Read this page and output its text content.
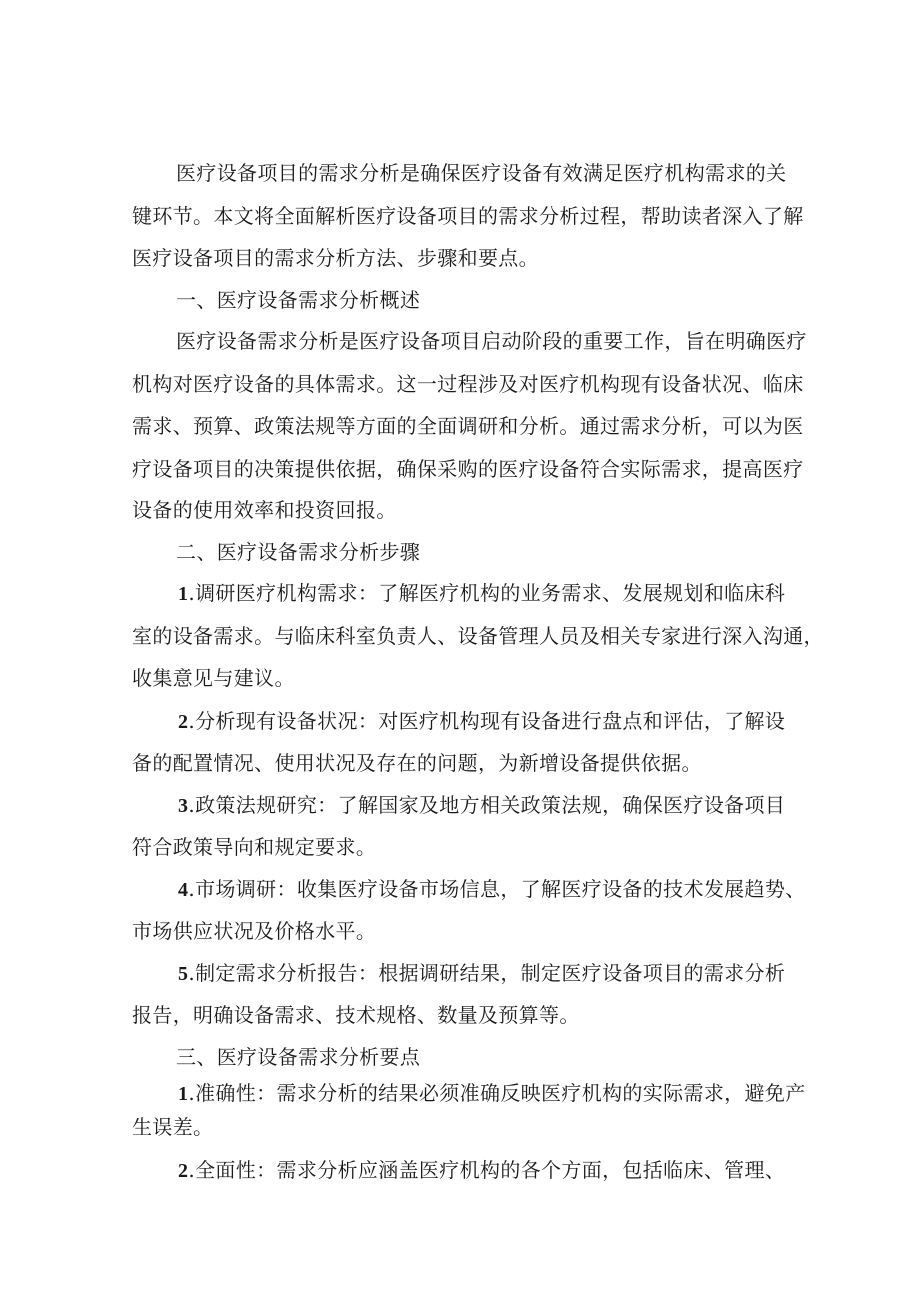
医疗设备项目的需求分析是确保医疗设备有效满足医疗机构需求的关
键环节。本文将全面解析医疗设备项目的需求分析过程，帮助读者深入了解
医疗设备项目的需求分析方法、步骤和要点。
一、医疗设备需求分析概述
医疗设备需求分析是医疗设备项目启动阶段的重要工作，旨在明确医疗
机构对医疗设备的具体需求。这一过程涉及对医疗机构现有设备状况、临床
需求、预算、政策法规等方面的全面调研和分析。通过需求分析，可以为医
疗设备项目的决策提供依据，确保采购的医疗设备符合实际需求，提高医疗
设备的使用效率和投资回报。
二、医疗设备需求分析步骤
1.调研医疗机构需求：了解医疗机构的业务需求、发展规划和临床科
室的设备需求。与临床科室负责人、设备管理人员及相关专家进行深入沟通，
收集意见与建议。
2.分析现有设备状况：对医疗机构现有设备进行盘点和评估，了解设
备的配置情况、使用状况及存在的问题，为新增设备提供依据。
3.政策法规研究：了解国家及地方相关政策法规，确保医疗设备项目
符合政策导向和规定要求。
4.市场调研：收集医疗设备市场信息，了解医疗设备的技术发展趋势、
市场供应状况及价格水平。
5.制定需求分析报告：根据调研结果，制定医疗设备项目的需求分析
报告，明确设备需求、技术规格、数量及预算等。
三、医疗设备需求分析要点
1.准确性：需求分析的结果必须准确反映医疗机构的实际需求，避免产
生误差。
2.全面性：需求分析应涵盖医疗机构的各个方面，包括临床、管理、
